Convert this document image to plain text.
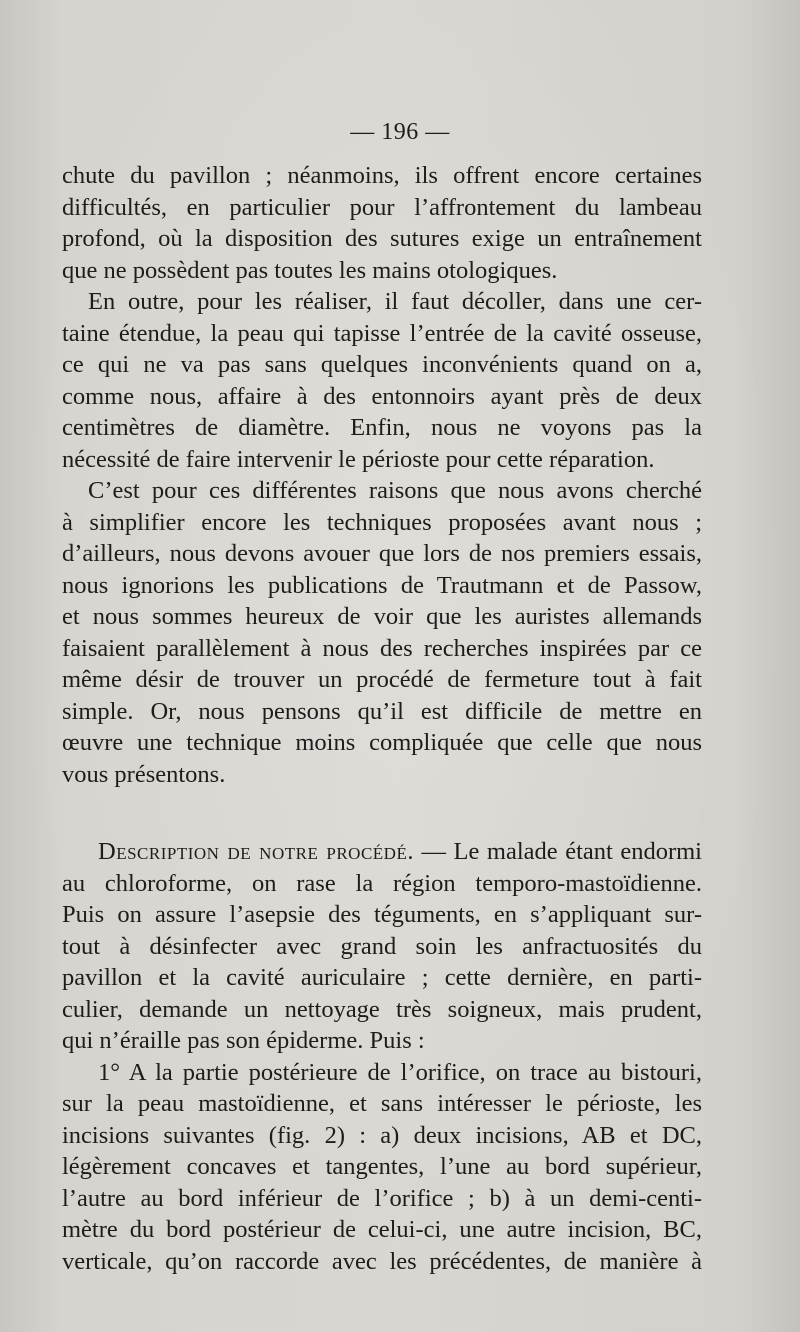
— 196 —
chute du pavillon ; néanmoins, ils offrent encore certaines
difficultés, en particulier pour l’affrontement du lambeau
profond, où la disposition des sutures exige un entraînement
que ne possèdent pas toutes les mains otologiques.
En outre, pour les réaliser, il faut décoller, dans une cer-
taine étendue, la peau qui tapisse l’entrée de la cavité osseuse,
ce qui ne va pas sans quelques inconvénients quand on a,
comme nous, affaire à des entonnoirs ayant près de deux
centimètres de diamètre. Enfin, nous ne voyons pas la
nécessité de faire intervenir le périoste pour cette réparation.
C’est pour ces différentes raisons que nous avons cherché
à simplifier encore les techniques proposées avant nous ;
d’ailleurs, nous devons avouer que lors de nos premiers essais,
nous ignorions les publications de Trautmann et de Passow,
et nous sommes heureux de voir que les auristes allemands
faisaient parallèlement à nous des recherches inspirées par ce
même désir de trouver un procédé de fermeture tout à fait
simple. Or, nous pensons qu’il est difficile de mettre en
œuvre une technique moins compliquée que celle que nous
vous présentons.
Description de notre procédé. — Le malade étant endormi
au chloroforme, on rase la région temporo-mastoïdienne.
Puis on assure l’asepsie des téguments, en s’appliquant sur-
tout à désinfecter avec grand soin les anfractuosités du
pavillon et la cavité auriculaire ; cette dernière, en parti-
culier, demande un nettoyage très soigneux, mais prudent,
qui n’éraille pas son épiderme. Puis :
1° A la partie postérieure de l’orifice, on trace au bistouri,
sur la peau mastoïdienne, et sans intéresser le périoste, les
incisions suivantes (fig. 2) : a) deux incisions, AB et DC,
légèrement concaves et tangentes, l’une au bord supérieur,
l’autre au bord inférieur de l’orifice ; b) à un demi-centi-
mètre du bord postérieur de celui-ci, une autre incision, BC,
verticale, qu’on raccorde avec les précédentes, de manière à
